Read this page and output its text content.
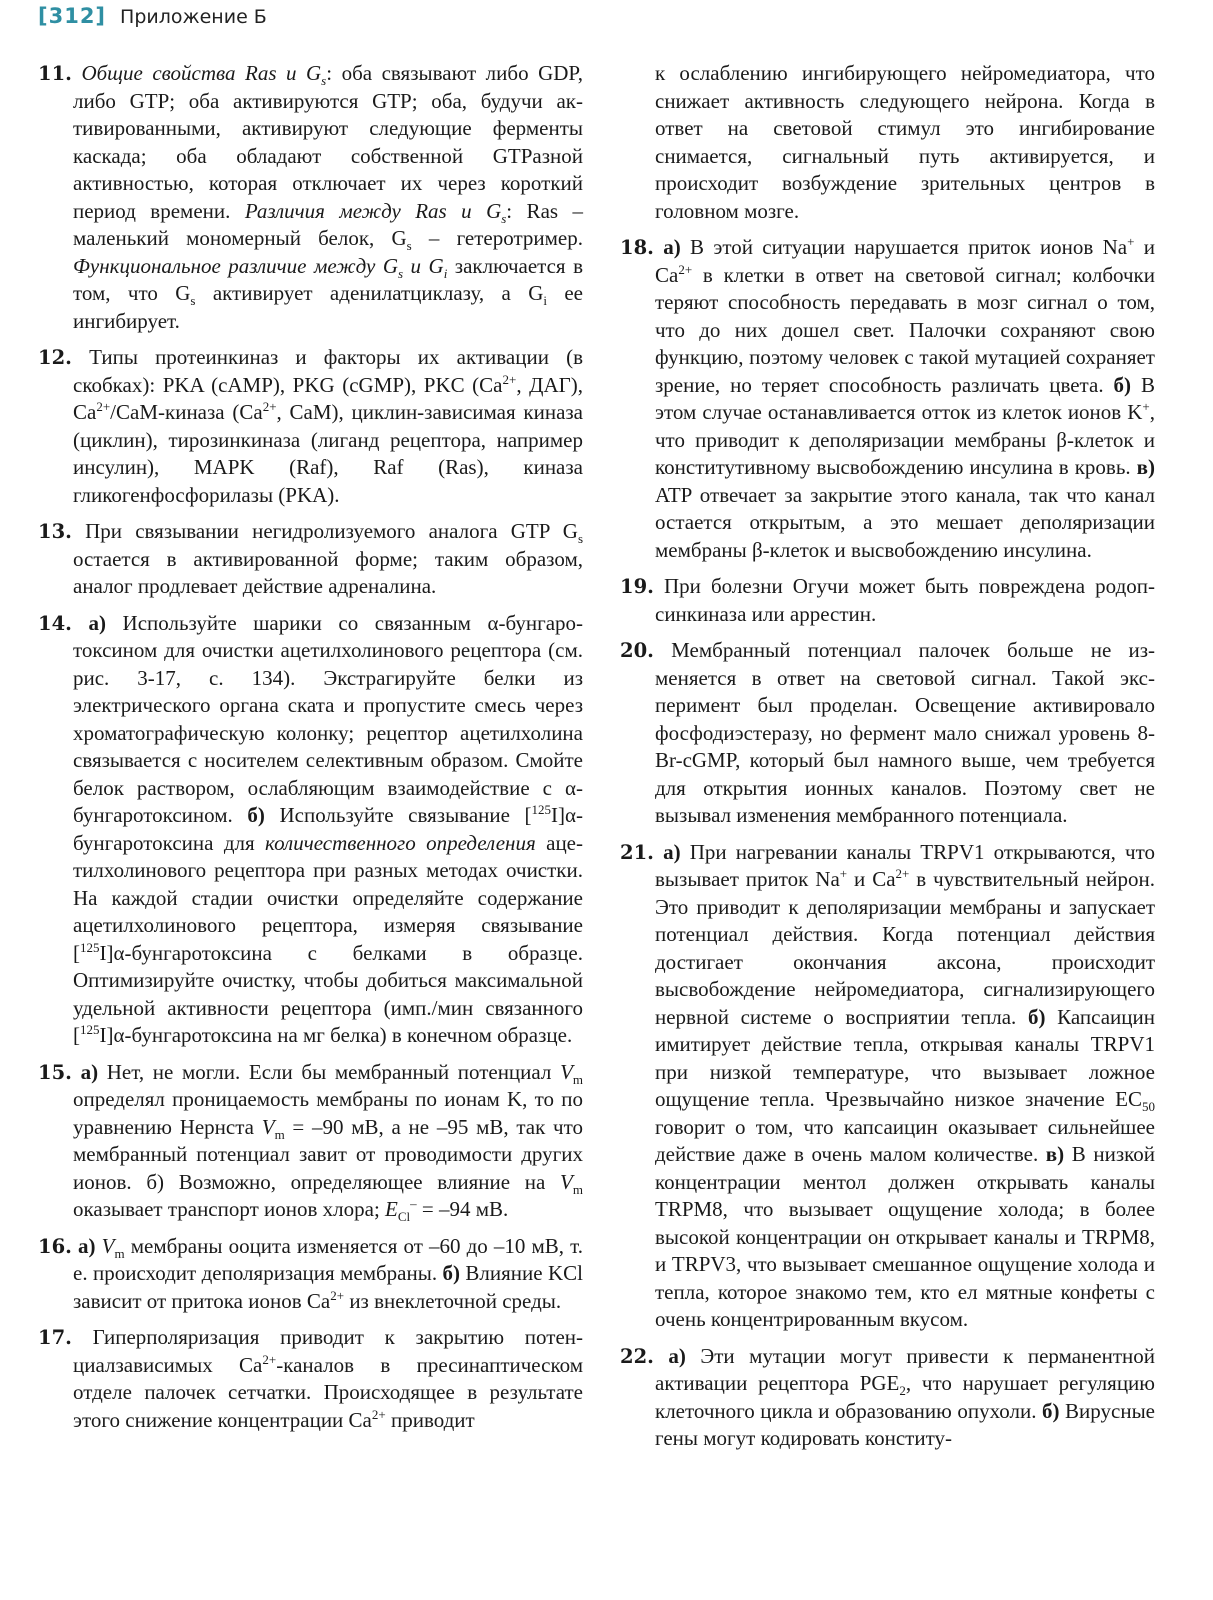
[312] Приложение Б

11. Общие свойства Ras и $G_s$: оба связывают либо GDP, либо GTP; оба активируются GTP; оба, будучи активированными, активируют следующие ферменты каскада; оба обладают собственной GTPазной активностью, которая отключает их через короткий период времени. Различия между Ras и $G_s$: Ras – маленький мономерный белок, $G_s$ – гетеротример. Функциональное различие между $G_s$ и $G_i$ заключается в том, что $G_s$ активирует аденилатциклазу, а $G_i$ ее ингибирует.

12. Типы протеинкиназ и факторы их активации (в скобках): PKA (cAMP), PKG (cGMP), PKC ($Ca^{2+}$, ДАГ), $Ca^{2+}/CaM$-киназа ($Ca^{2+}$, CaM), циклин-зависимая киназа (циклин), тирозинкиназа (лиганд рецептора, например инсулин), MAPK (Raf), Raf (Ras), киназа гликогенфосфорилазы (PKA).

13. При связывании негидролизуемого аналога GTP $G_s$ остается в активированной форме; таким образом, аналог продлевает действие адреналина.

14. а) Используйте шарики со связанным α-бунгаротоксином для очистки ацетилхолинового рецептора (см. рис. 3-17, с. 134). Экстрагируйте белки из электрического органа ската и пропустите смесь через хроматографическую колонку; рецептор ацетилхолина связывается с носителем селективным образом. Смойте белок раствором, ослабляющим взаимодействие с α-бунгаротоксином. б) Используйте связывание [$^{125}$I]α-бунгаротоксина для количественного определения ацетилхолинового рецептора при разных методах очистки. На каждой стадии очистки определяйте содержание ацетилхолинового рецептора, измеряя связывание [$^{125}$I]α-бунгаротоксина с белками в образце. Оптимизируйте очистку, чтобы добиться максимальной удельной активности рецептора (имп./мин связанного [$^{125}$I]α-бунгаротоксина на мг белка) в конечном образце.

15. а) Нет, не могли. Если бы мембранный потенциал $V_m$ определял проницаемость мембраны по ионам K, то по уравнению Нернста $V_m = -90$ мВ, а не –95 мВ, так что мембранный потенциал завит от проводимости других ионов. б) Возможно, определяющее влияние на $V_m$ оказывает транспорт ионов хлора; $E_{Cl}^- = -94$ мВ.

16. а) $V_m$ мембраны ооцита изменяется от –60 до –10 мВ, т. е. происходит деполяризация мембраны. б) Влияние KCl зависит от притока ионов $Ca^{2+}$ из внеклеточной среды.

17. Гиперполяризация приводит к закрытию потенциалзависимых $Ca^{2+}$-каналов в пресинаптическом отделе палочек сетчатки. Происходящее в результате этого снижение концентрации $Ca^{2+}$ приводит

к ослаблению ингибирующего нейромедиатора, что снижает активность следующего нейрона. Когда в ответ на световой стимул это ингибирование снимается, сигнальный путь активируется, и происходит возбуждение зрительных центров в головном мозге.

18. а) В этой ситуации нарушается приток ионов Na+ и $Ca^{2+}$ в клетки в ответ на световой сигнал; колбочки теряют способность передавать в мозг сигнал о том, что до них дошел свет. Палочки сохраняют свою функцию, поэтому человек с такой мутацией сохраняет зрение, но теряет способность различать цвета. б) В этом случае останавливается отток из клеток ионов K+, что приводит к деполяризации мембраны β-клеток и конститутивному высвобождению инсулина в кровь. в) ATP отвечает за закрытие этого канала, так что канал остается открытым, а это мешает деполяризации мембраны β-клеток и высвобождению инсулина.

19. При болезни Огучи может быть повреждена родопсинкиназа или аррестин.

20. Мембранный потенциал палочек больше не изменяется в ответ на световой сигнал. Такой эксперимент был проделан. Освещение активировало фосфодиэстеразу, но фермент мало снижал уровень 8-Br-cGMP, который был намного выше, чем требуется для открытия ионных каналов. Поэтому свет не вызывал изменения мембранного потенциала.

21. а) При нагревании каналы TRPV1 открываются, что вызывает приток Na+ и $Ca^{2+}$ в чувствительный нейрон. Это приводит к деполяризации мембраны и запускает потенциал действия. Когда потенциал действия достигает окончания аксона, происходит высвобождение нейромедиатора, сигнализирующего нервной системе о восприятии тепла. б) Капсаицин имитирует действие тепла, открывая каналы TRPV1 при низкой температуре, что вызывает ложное ощущение тепла. Чрезвычайно низкое значение $EC_{50}$ говорит о том, что капсаицин оказывает сильнейшее действие даже в очень малом количестве. в) В низкой концентрации ментол должен открывать каналы TRPM8, что вызывает ощущение холода; в более высокой концентрации он открывает каналы и TRPM8, и TRPV3, что вызывает смешанное ощущение холода и тепла, которое знакомо тем, кто ел мятные конфеты с очень концентрированным вкусом.

22. а) Эти мутации могут привести к перманентной активации рецептора $PGE_2$, что нарушает регуляцию клеточного цикла и образованию опухоли. б) Вирусные гены могут кодировать конститу-
